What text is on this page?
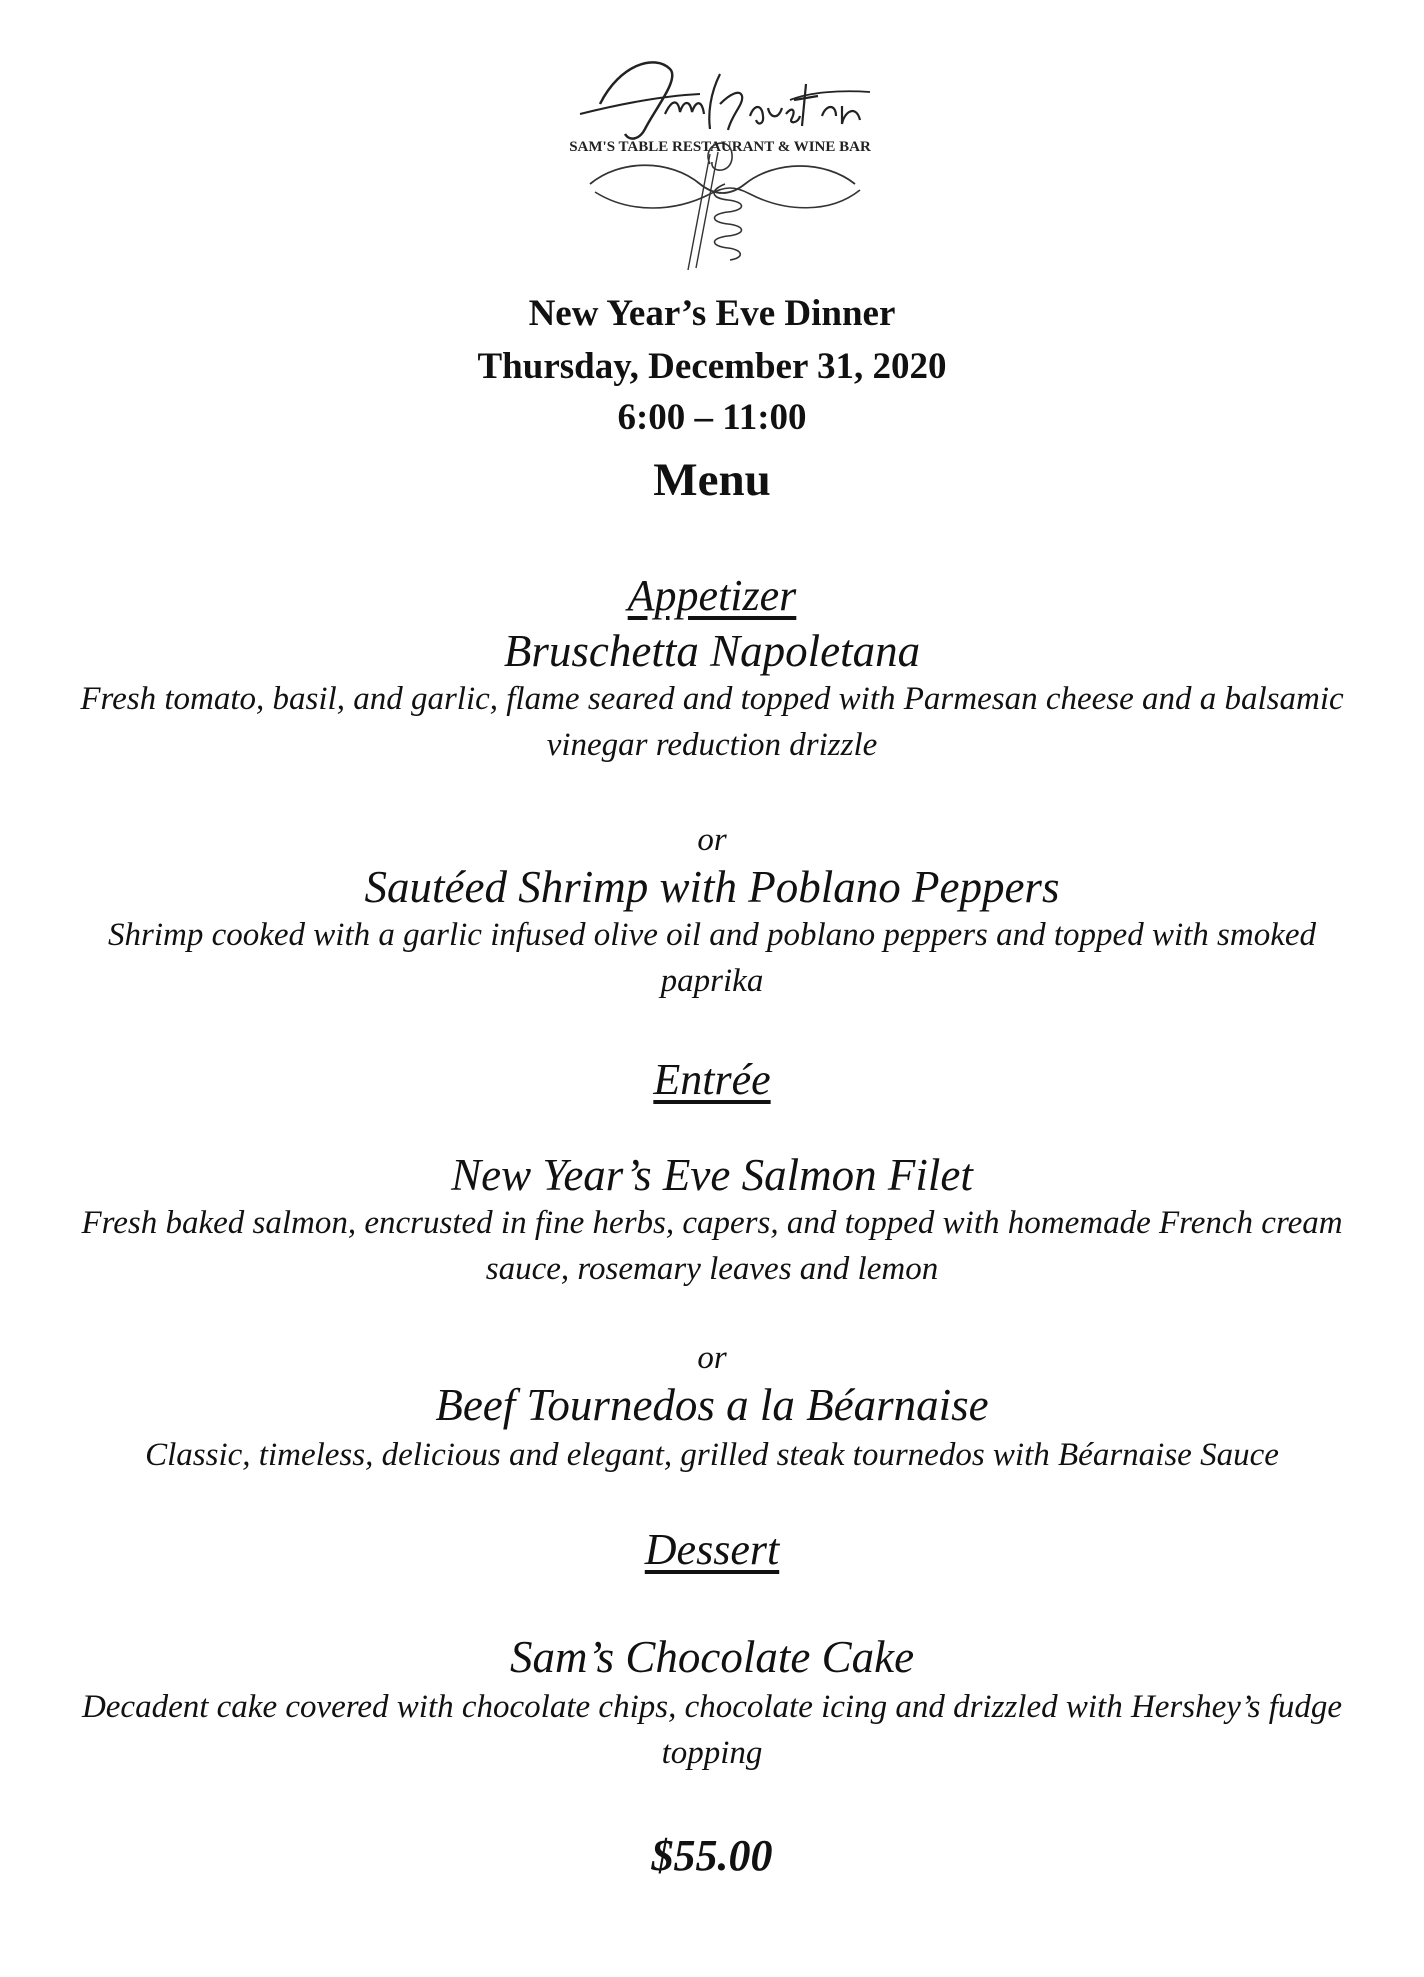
SAM'S TABLE RESTAURANT & WINE BAR
New Year’s Eve Dinner
Thursday, December 31, 2020
6:00 – 11:00
Menu
Appetizer
Bruschetta Napoletana
Fresh tomato, basil, and garlic, flame seared and topped with Parmesan cheese and a balsamic vinegar reduction drizzle
or
Sautéed Shrimp with Poblano Peppers
Shrimp cooked with a garlic infused olive oil and poblano peppers and topped with smoked paprika
Entrée
New Year’s Eve Salmon Filet
Fresh baked salmon, encrusted in fine herbs, capers, and topped with homemade French cream sauce, rosemary leaves and lemon
or
Beef Tournedos a la Béarnaise
Classic, timeless, delicious and elegant, grilled steak tournedos with Béarnaise Sauce
Dessert
Sam’s Chocolate Cake
Decadent cake covered with chocolate chips, chocolate icing and drizzled with Hershey’s fudge topping
$55.00
